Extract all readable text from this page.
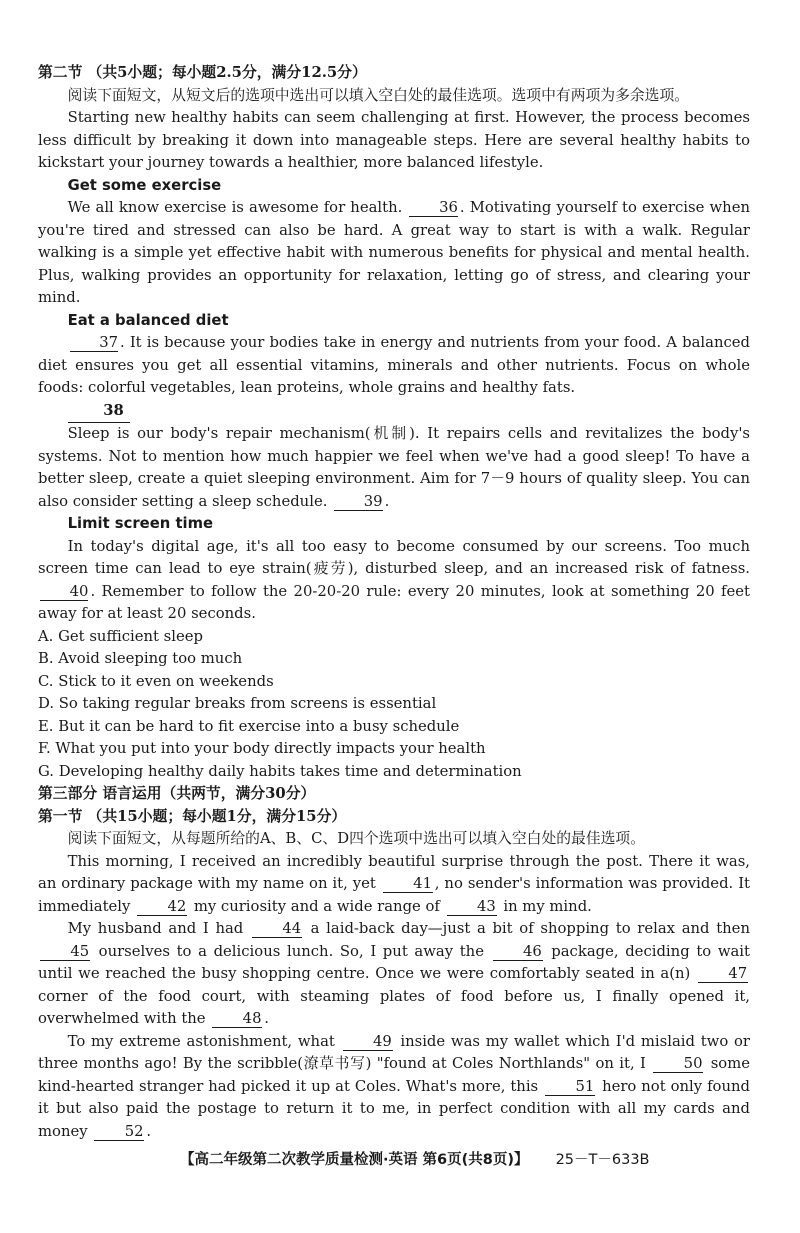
第二节 （共5小题；每小题2.5分，满分12.5分）

阅读下面短文，从短文后的选项中选出可以填入空白处的最佳选项。选项中有两项为多余选项。

Starting new healthy habits can seem challenging at first. However, the process becomes less difficult by breaking it down into manageable steps. Here are several healthy habits to kickstart your journey towards a healthier, more balanced lifestyle.

Get some exercise

We all know exercise is awesome for health. 36 . Motivating yourself to exercise when you're tired and stressed can also be hard. A great way to start is with a walk. Regular walking is a simple yet effective habit with numerous benefits for physical and mental health. Plus, walking provides an opportunity for relaxation, letting go of stress, and clearing your mind.

Eat a balanced diet

37 . It is because your bodies take in energy and nutrients from your food. A balanced diet ensures you get all essential vitamins, minerals and other nutrients. Focus on whole foods: colorful vegetables, lean proteins, whole grains and healthy fats.

38

Sleep is our body's repair mechanism(机制). It repairs cells and revitalizes the body's systems. Not to mention how much happier we feel when we've had a good sleep! To have a better sleep, create a quiet sleeping environment. Aim for 7－9 hours of quality sleep. You can also consider setting a sleep schedule. 39 .

Limit screen time

In today's digital age, it's all too easy to become consumed by our screens. Too much screen time can lead to eye strain(疲劳), disturbed sleep, and an increased risk of fatness. 40 . Remember to follow the 20-20-20 rule: every 20 minutes, look at something 20 feet away for at least 20 seconds.

A. Get sufficient sleep

B. Avoid sleeping too much

C. Stick to it even on weekends

D. So taking regular breaks from screens is essential

E. But it can be hard to fit exercise into a busy schedule

F. What you put into your body directly impacts your health

G. Developing healthy daily habits takes time and determination

第三部分 语言运用（共两节，满分30分）

第一节 （共15小题；每小题1分，满分15分）

阅读下面短文，从每题所给的A、B、C、D四个选项中选出可以填入空白处的最佳选项。

This morning, I received an incredibly beautiful surprise through the post. There it was, an ordinary package with my name on it, yet	41 , no sender's information was provided. It immediately	42 my curiosity and a wide range of	43 in my mind.

My husband and I had	44 a laid-back day—just a bit of shopping to relax and then 45 ourselves to a delicious lunch. So, I put away the	46 package, deciding to wait until we reached the busy shopping centre. Once we were comfortably seated in a(n)	47 corner of the food court, with steaming plates of food before us, I finally opened it, overwhelmed with the	48 .

To my extreme astonishment, what	49 inside was my wallet which I'd mislaid two or three months ago! By the scribble(潦草书写) "found at Coles Northlands" on it, I	50 some kind-hearted stranger had picked it up at Coles. What's more, this	51 hero not only found it but also paid the postage to return it to me, in perfect condition with all my cards and money	52 .

【高二年级第二次教学质量检测·英语 第6页(共8页)】 25－T－633B
